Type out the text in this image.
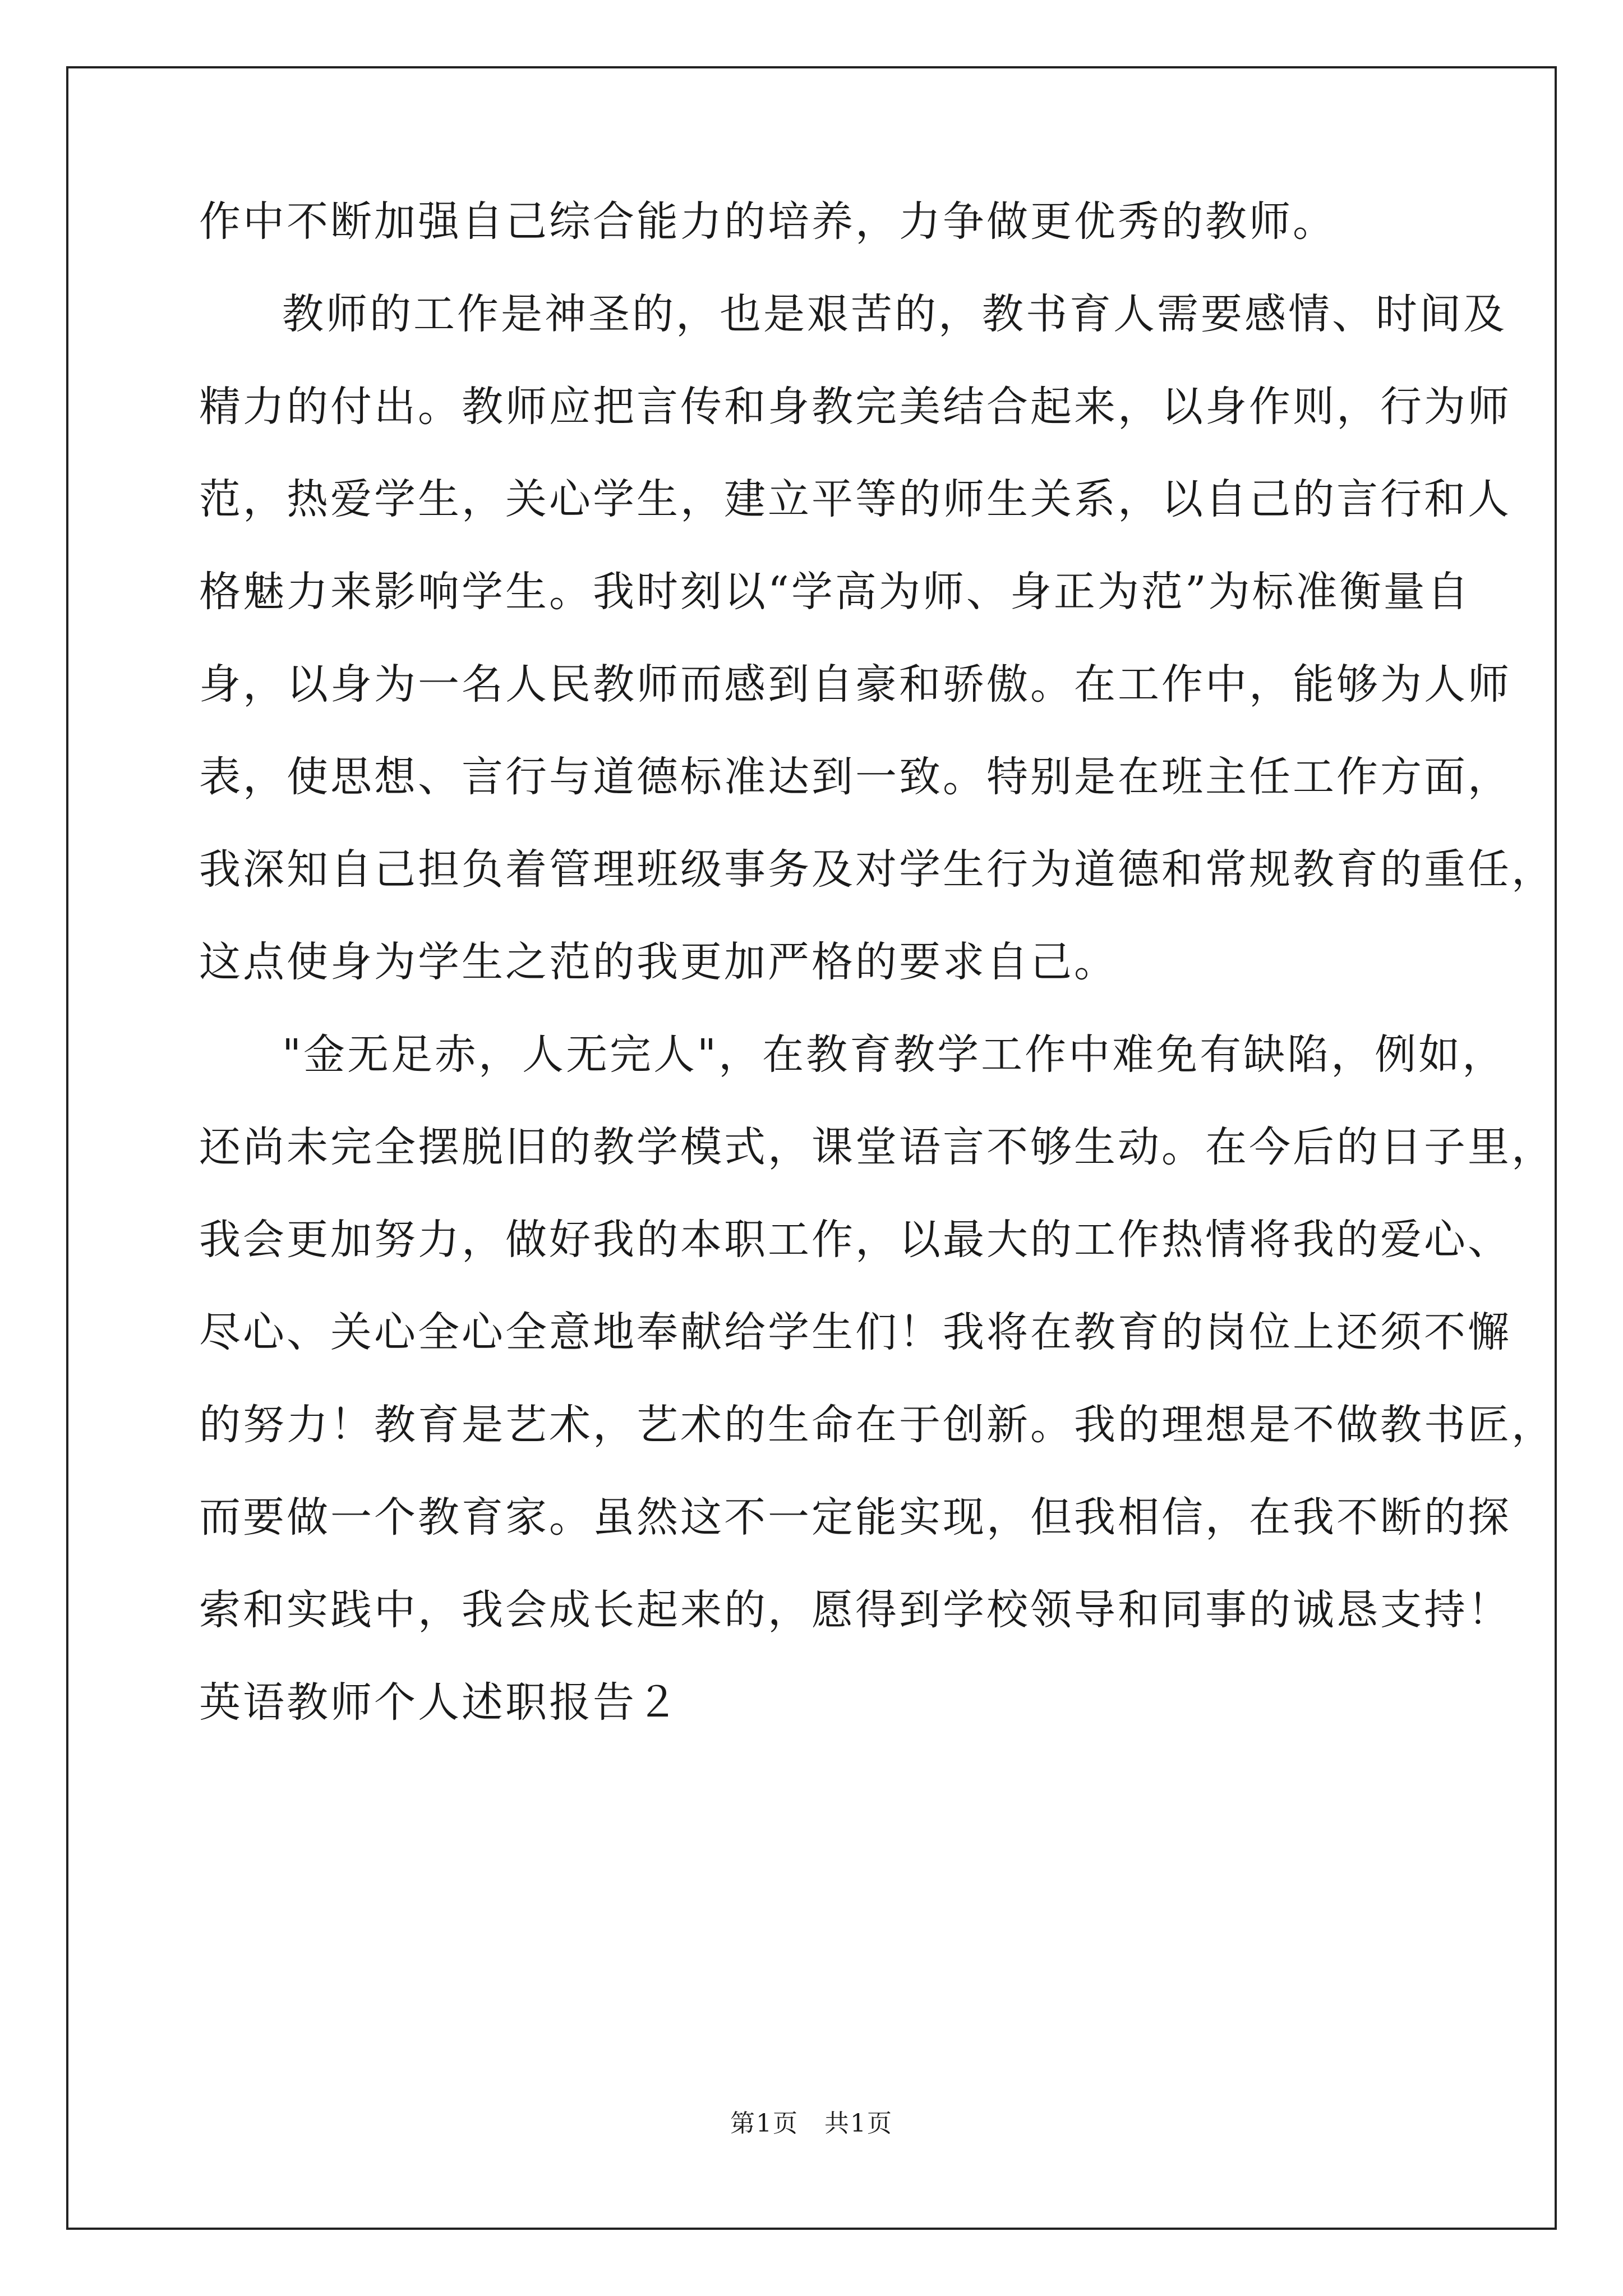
作中不断加强自己综合能力的培养，力争做更优秀的教师。
教师的工作是神圣的，也是艰苦的，教书育人需要感情、时间及
精力的付出。教师应把言传和身教完美结合起来，以身作则，行为师
范，热爱学生，关心学生，建立平等的师生关系，以自己的言行和人
格魅力来影响学生。我时刻以“学高为师、身正为范”为标准衡量自
身，以身为一名人民教师而感到自豪和骄傲。在工作中，能够为人师
表，使思想、言行与道德标准达到一致。特别是在班主任工作方面，
我深知自己担负着管理班级事务及对学生行为道德和常规教育的重任，
这点使身为学生之范的我更加严格的要求自己。
"金无足赤，人无完人"，在教育教学工作中难免有缺陷，例如，
还尚未完全摆脱旧的教学模式，课堂语言不够生动。在今后的日子里，
我会更加努力，做好我的本职工作，以最大的工作热情将我的爱心、
尽心、关心全心全意地奉献给学生们！我将在教育的岗位上还须不懈
的努力！教育是艺术，艺术的生命在于创新。我的理想是不做教书匠，
而要做一个教育家。虽然这不一定能实现，但我相信，在我不断的探
索和实践中，我会成长起来的，愿得到学校领导和同事的诚恳支持！
英语教师个人述职报告２
第1页　共1页
